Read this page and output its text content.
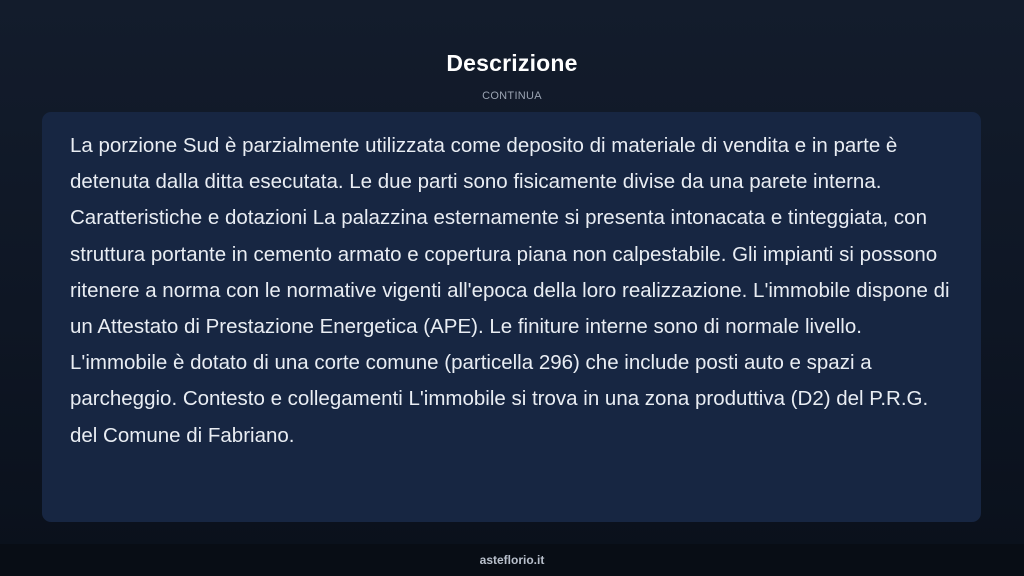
Descrizione
CONTINUA

La porzione Sud è parzialmente utilizzata come deposito di materiale di vendita e in parte è detenuta dalla ditta esecutata. Le due parti sono fisicamente divise da una parete interna. Caratteristiche e dotazioni La palazzina esternamente si presenta intonacata e tinteggiata, con struttura portante in cemento armato e copertura piana non calpestabile. Gli impianti si possono ritenere a norma con le normative vigenti all'epoca della loro realizzazione. L'immobile dispone di un Attestato di Prestazione Energetica (APE). Le finiture interne sono di normale livello. L'immobile è dotato di una corte comune (particella 296) che include posti auto e spazi a parcheggio. Contesto e collegamenti L'immobile si trova in una zona produttiva (D2) del P.R.G. del Comune di Fabriano.

asteflorio.it
